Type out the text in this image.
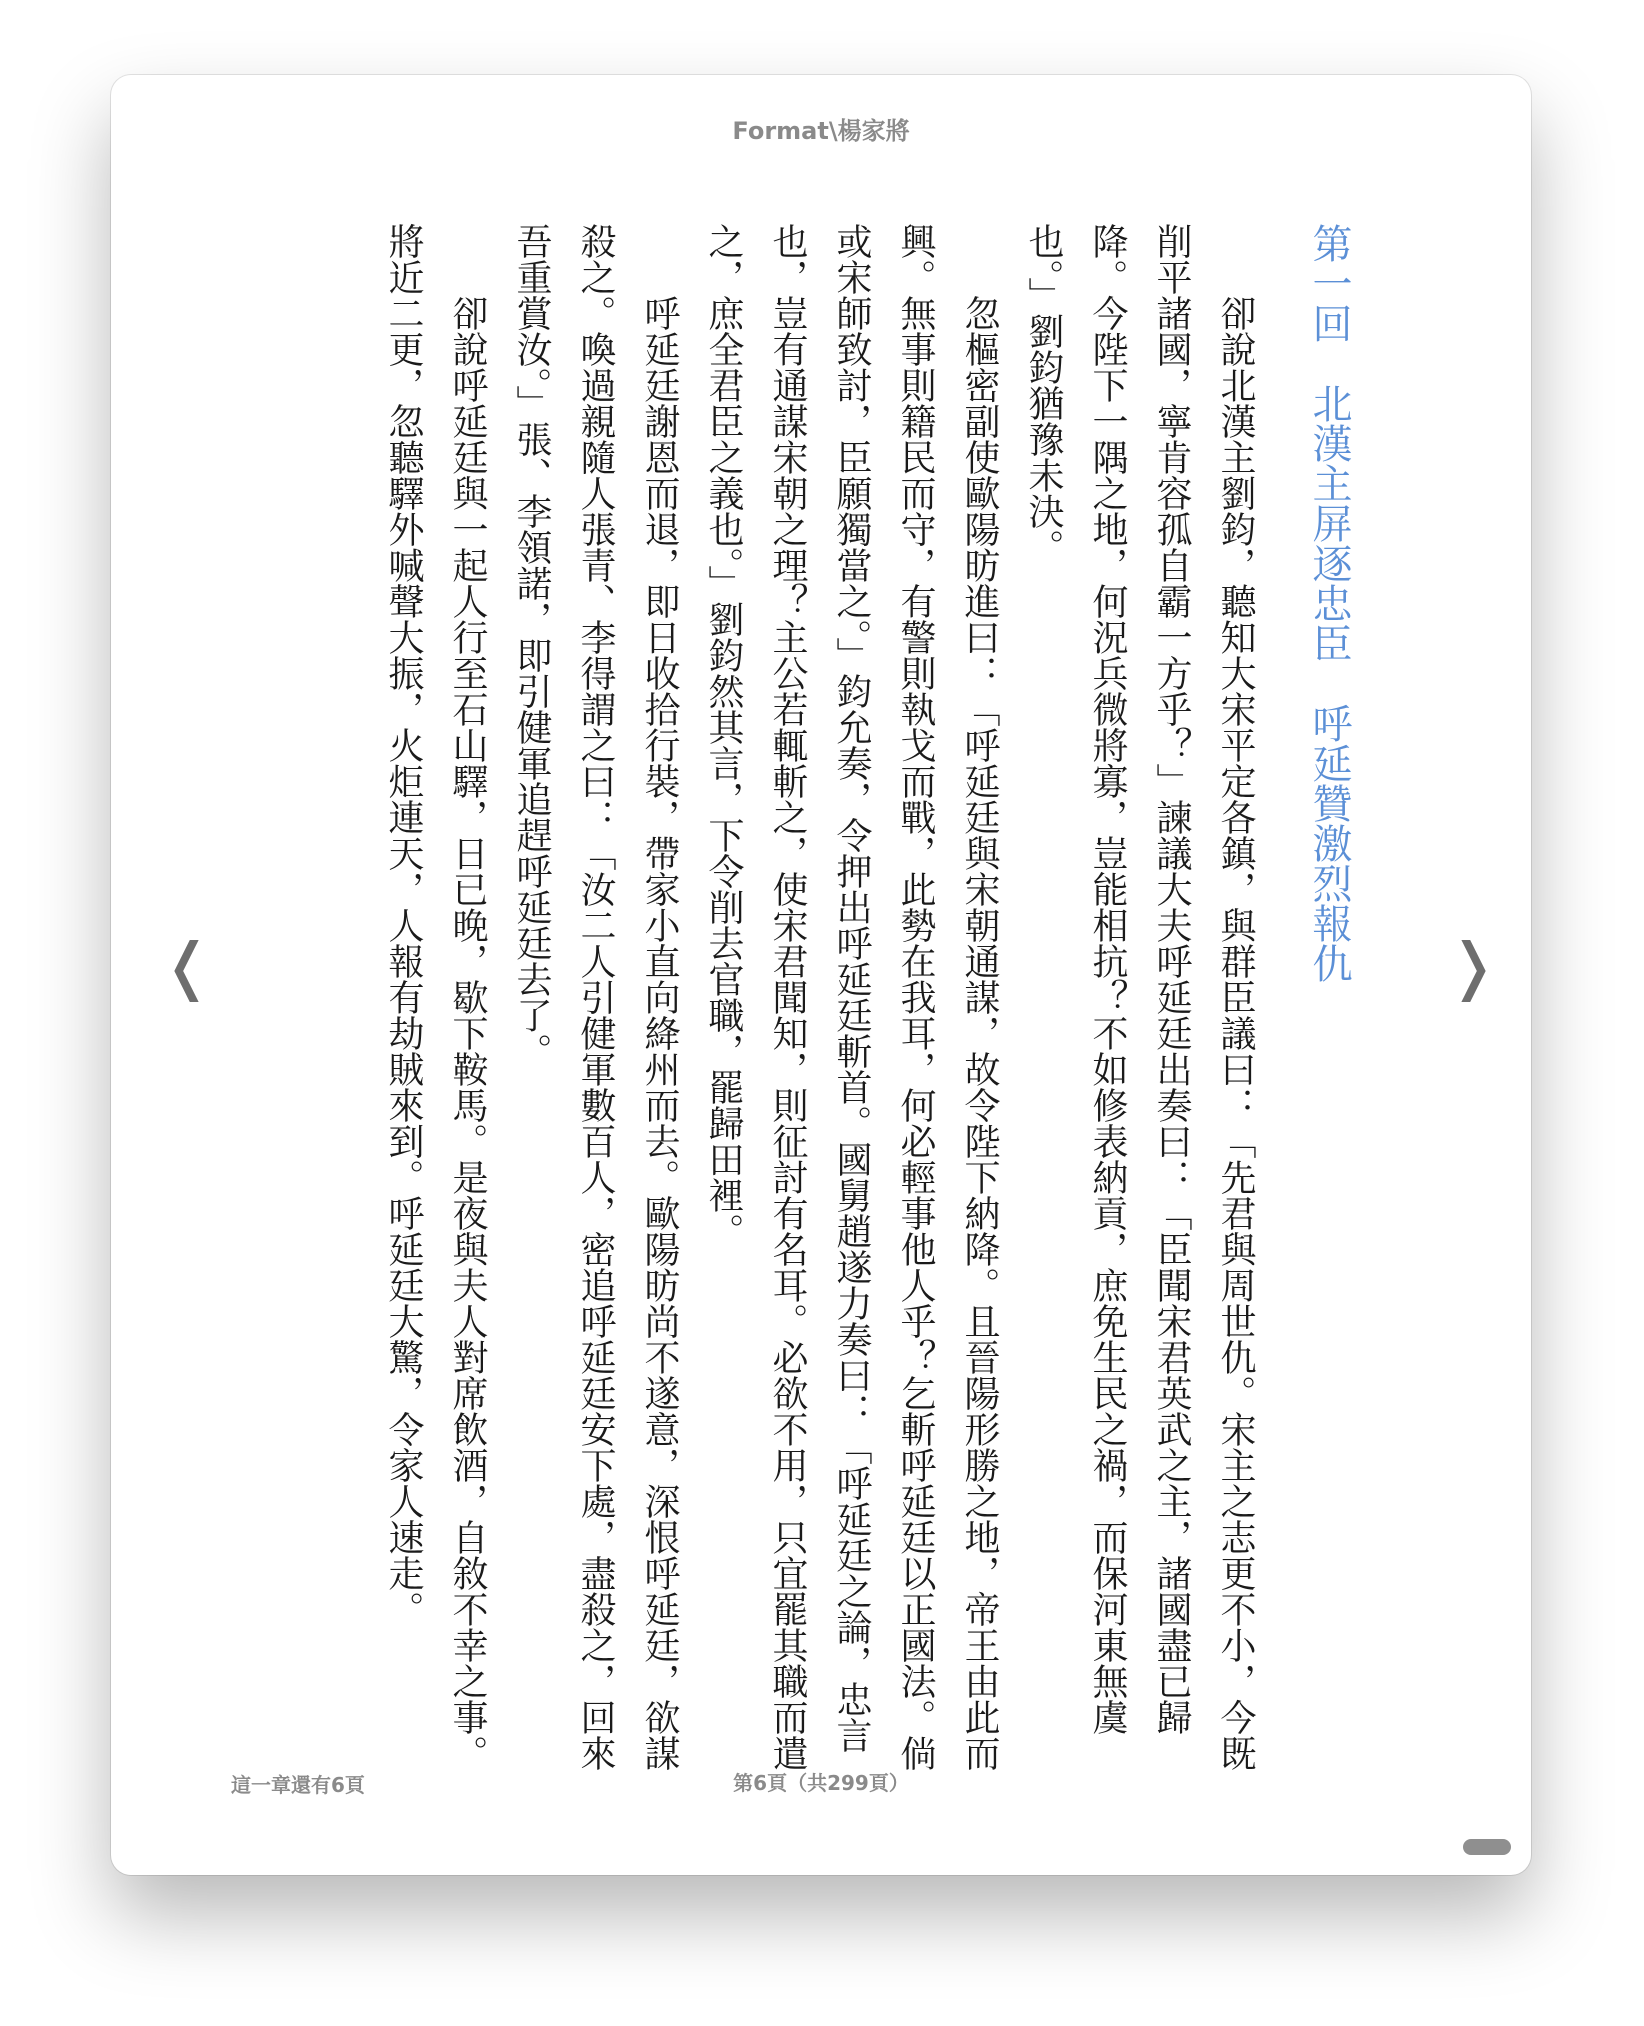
Format\楊家將
❬	❭
第一回　北漢主屏逐忠臣　呼延贊激烈報仇

卻說北漢主劉鈞，聽知大宋平定各鎮，與群臣議曰：「先君與周世仇。宋主之志更不小，今既削平諸國，寧肯容孤自霸一方乎？」諫議大夫呼延廷出奏曰：「臣聞宋君英武之主，諸國盡已歸降。今陛下一隅之地，何況兵微將寡，豈能相抗？不如修表納貢，庶免生民之禍，而保河東無虞也。」劉鈞猶豫未決。

忽樞密副使歐陽昉進曰：「呼延廷與宋朝通謀，故令陛下納降。且晉陽形勝之地，帝王由此而興。無事則籍民而守，有警則執戈而戰，此勢在我耳，何必輕事他人乎？乞斬呼延廷以正國法。倘或宋師致討，臣願獨當之。」鈞允奏，令押出呼延廷斬首。國舅趙遂力奏曰：「呼延廷之論，忠言也，豈有通謀宋朝之理？主公若輒斬之，使宋君聞知，則征討有名耳。必欲不用，只宜罷其職而遣之，庶全君臣之義也。」劉鈞然其言，下令削去官職，罷歸田裡。

呼延廷謝恩而退，即日收拾行裝，帶家小直向絳州而去。歐陽昉尚不遂意，深恨呼延廷，欲謀殺之。喚過親隨人張青、李得謂之曰：「汝二人引健軍數百人，密追呼延廷安下處，盡殺之，回來吾重賞汝。」張、李領諾，即引健軍追趕呼延廷去了。

卻說呼延廷與一起人行至石山驛，日已晚，歇下鞍馬。是夜與夫人對席飲酒，自敘不幸之事。將近二更，忽聽驛外喊聲大振，火炬連天，人報有劫賊來到。呼延廷大驚，令家人速走。

這一章還有6頁	第6頁（共299頁）
